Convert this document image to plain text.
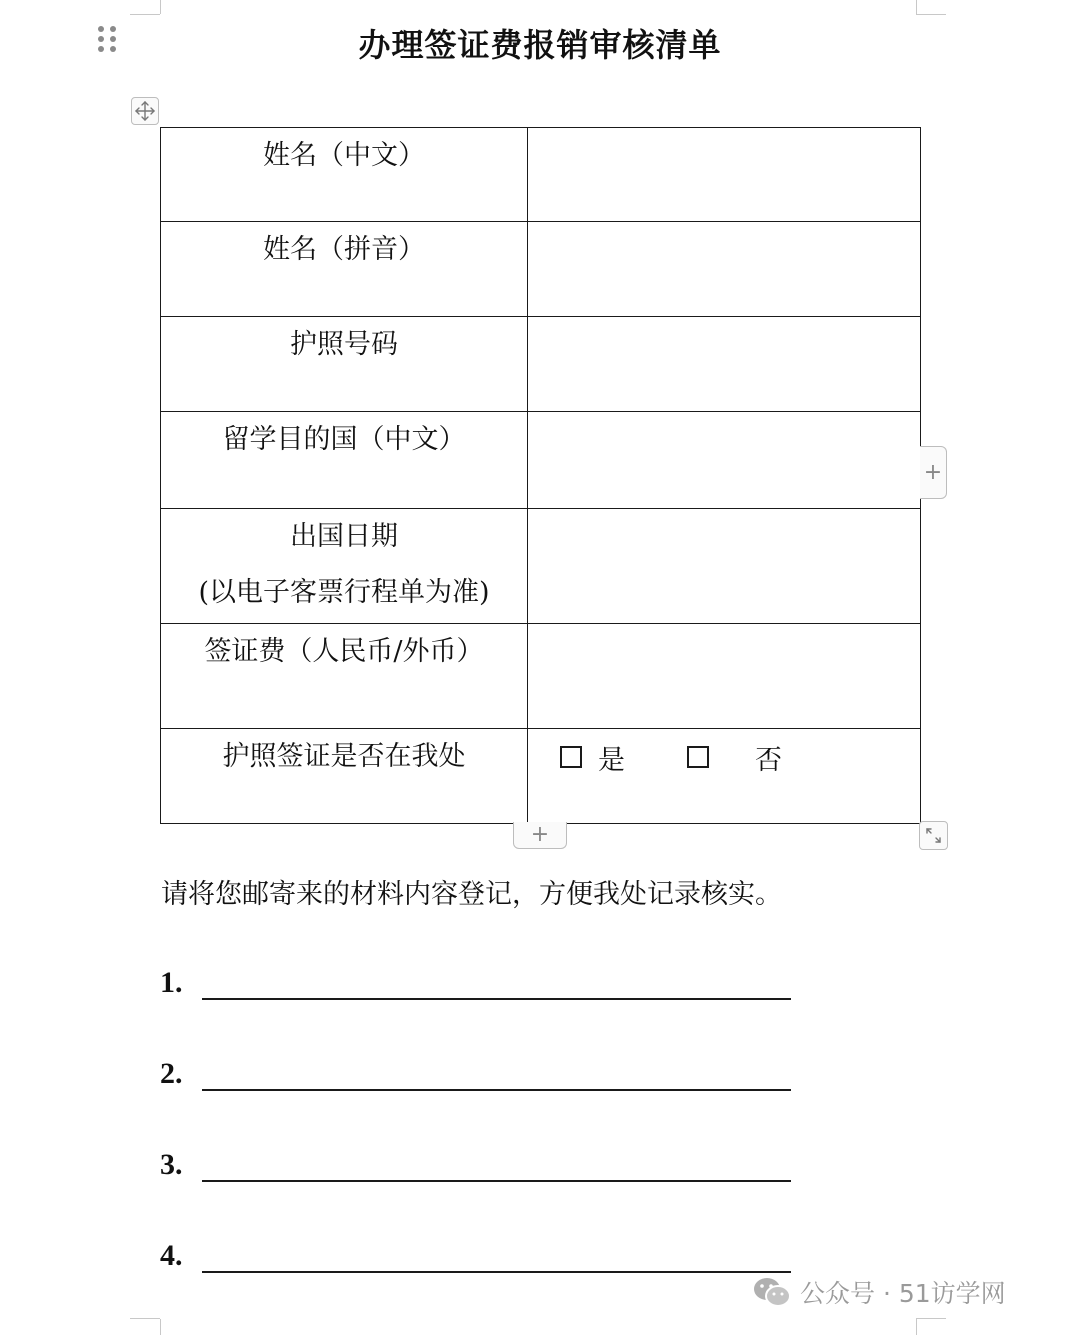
办理签证费报销审核清单
姓名（中文）	
姓名（拼音）	
护照号码	
留学目的国（中文）	

出国日期
(以电子客票行程单为准)	

签证费（人民币/外币）	
护照签证是否在我处	是 否
+
+
请将您邮寄来的材料内容登记，方便我处记录核实。
1.
2.
3.
4.
公众号 · 51访学网
